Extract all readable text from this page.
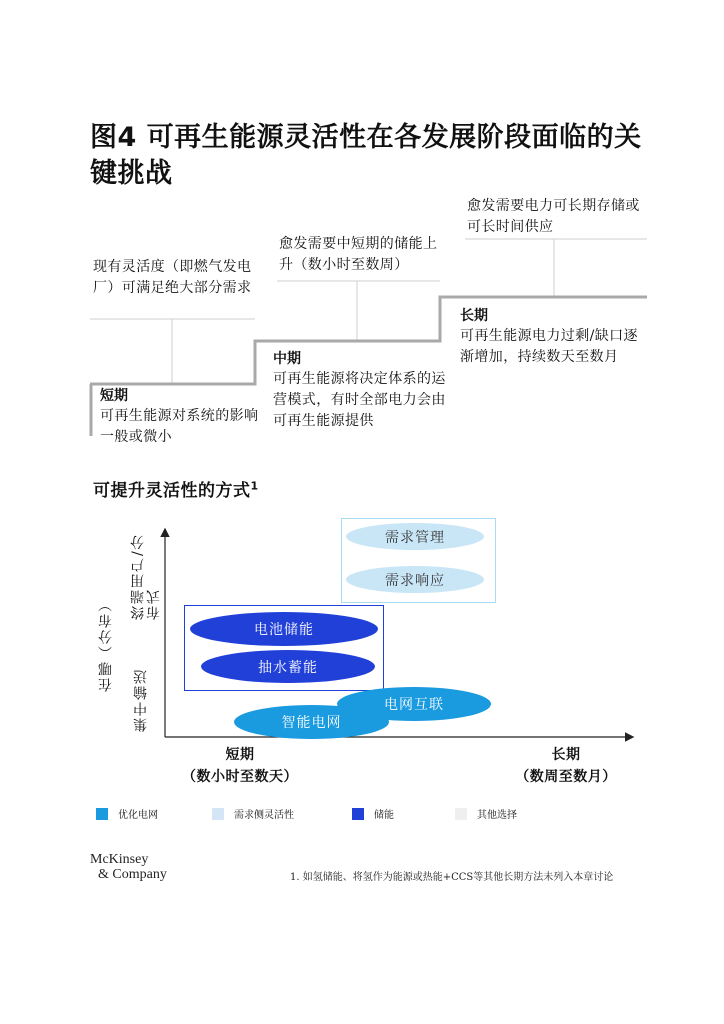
图4 可再生能源灵活性在各发展阶段面临的关键挑战
现有灵活度（即燃气发电厂）可满足绝大部分需求
愈发需要中短期的储能上升（数小时至数周）
愈发需要电力可长期存储或可长时间供应
短期
可再生能源对系统的影响一般或微小
中期
可再生能源将决定体系的运营模式，有时全部电力会由可再生能源提供
长期
可再生能源电力过剩/缺口逐渐增加，持续数天至数月
可提升灵活性的方式$^1$
在哪（分布）
终端用户/分布式
集中输送
短期
（数小时至数天）
长期
（数周至数月）
需求管理
需求响应
电池储能
抽水蓄能
电网互联
智能电网
优化电网	需求侧灵活性	储能	其他选择
McKinsey
& Company	1. 如氢储能、将氢作为能源或热能+CCS等其他长期方法未列入本章讨论
